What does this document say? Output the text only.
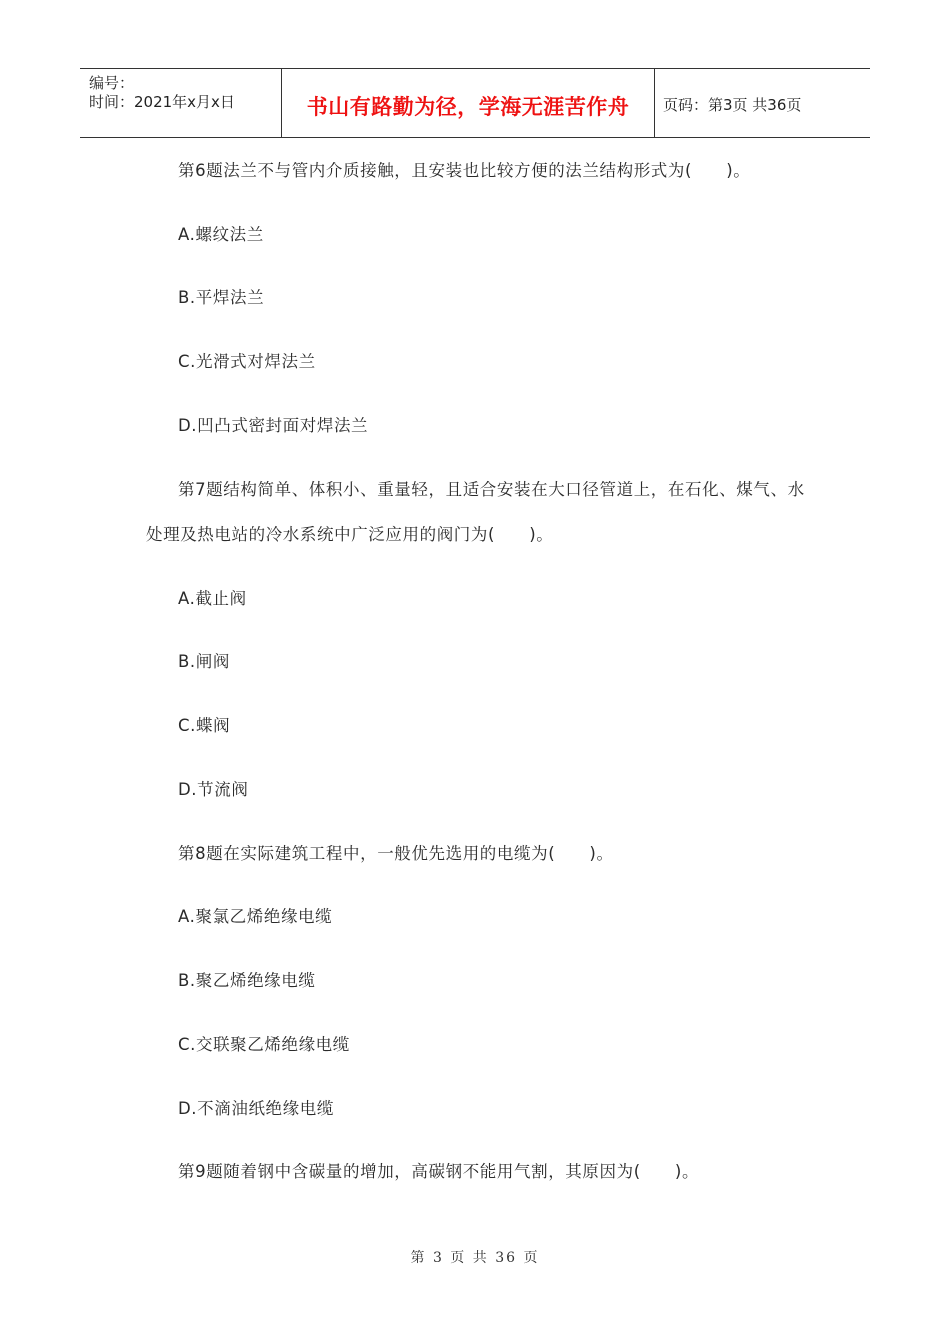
编号：
时间：2021年x月x日	书山有路勤为径，学海无涯苦作舟	页码：第3页 共36页
第6题法兰不与管内介质接触，且安装也比较方便的法兰结构形式为(　　)。
A.螺纹法兰
B.平焊法兰
C.光滑式对焊法兰
D.凹凸式密封面对焊法兰
第7题结构简单、体积小、重量轻，且适合安装在大口径管道上，在石化、煤气、水
处理及热电站的冷水系统中广泛应用的阀门为(　　)。
A.截止阀
B.闸阀
C.蝶阀
D.节流阀
第8题在实际建筑工程中，一般优先选用的电缆为(　　)。
A.聚氯乙烯绝缘电缆
B.聚乙烯绝缘电缆
C.交联聚乙烯绝缘电缆
D.不滴油纸绝缘电缆
第9题随着钢中含碳量的增加，高碳钢不能用气割，其原因为(　　)。
第 3 页 共 36 页
